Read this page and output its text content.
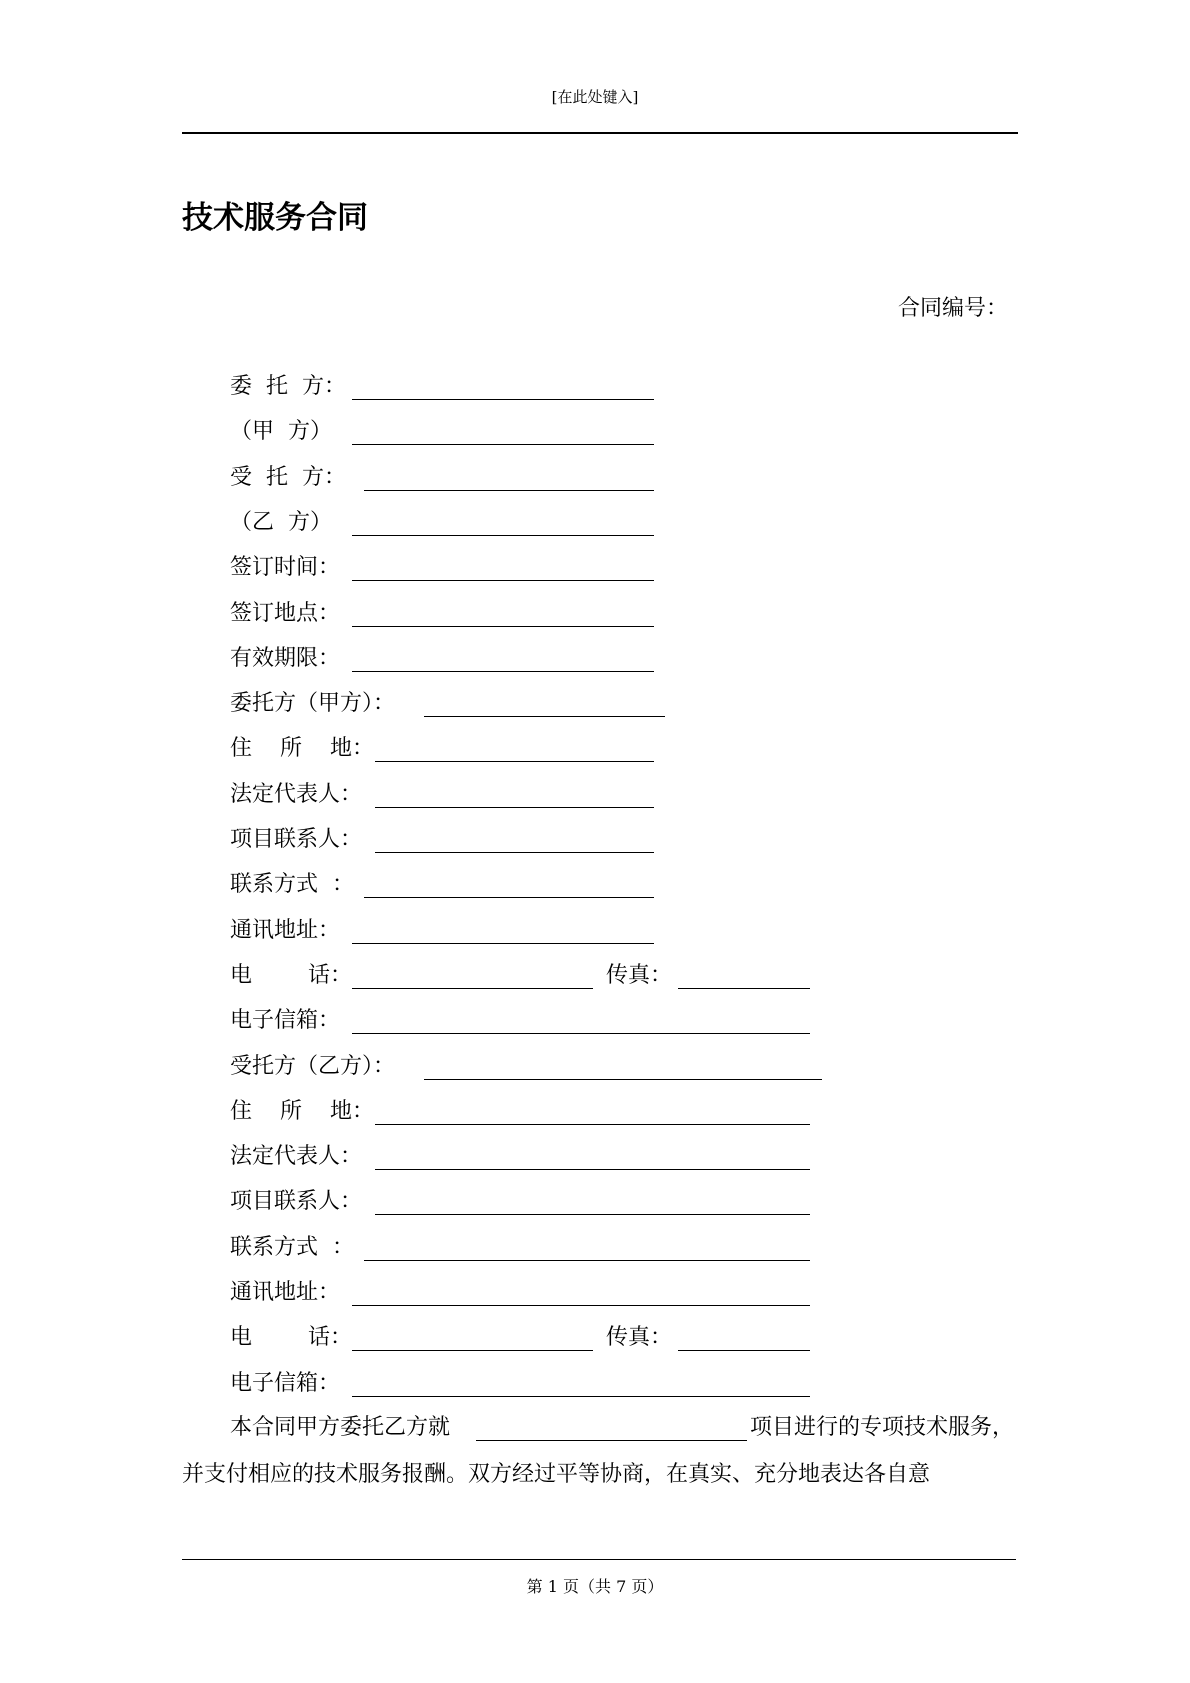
[在此处键入]
技术服务合同
合同编号：
委  托  方：
（甲  方）
受  托  方：
（乙  方）
签订时间：
签订地点：
有效期限：
委托方（甲方）：
住    所    地：
法定代表人：
项目联系人：
联系方式  ：
通讯地址：
电        话：	传真：
电子信箱：
受托方（乙方）：
住    所    地：
法定代表人：
项目联系人：
联系方式  ：
通讯地址：
电        话：	传真：
电子信箱：
本合同甲方委托乙方就	项目进行的专项技术服务，
并支付相应的技术服务报酬。双方经过平等协商，在真实、充分地表达各自意
第 1 页（共 7 页）
